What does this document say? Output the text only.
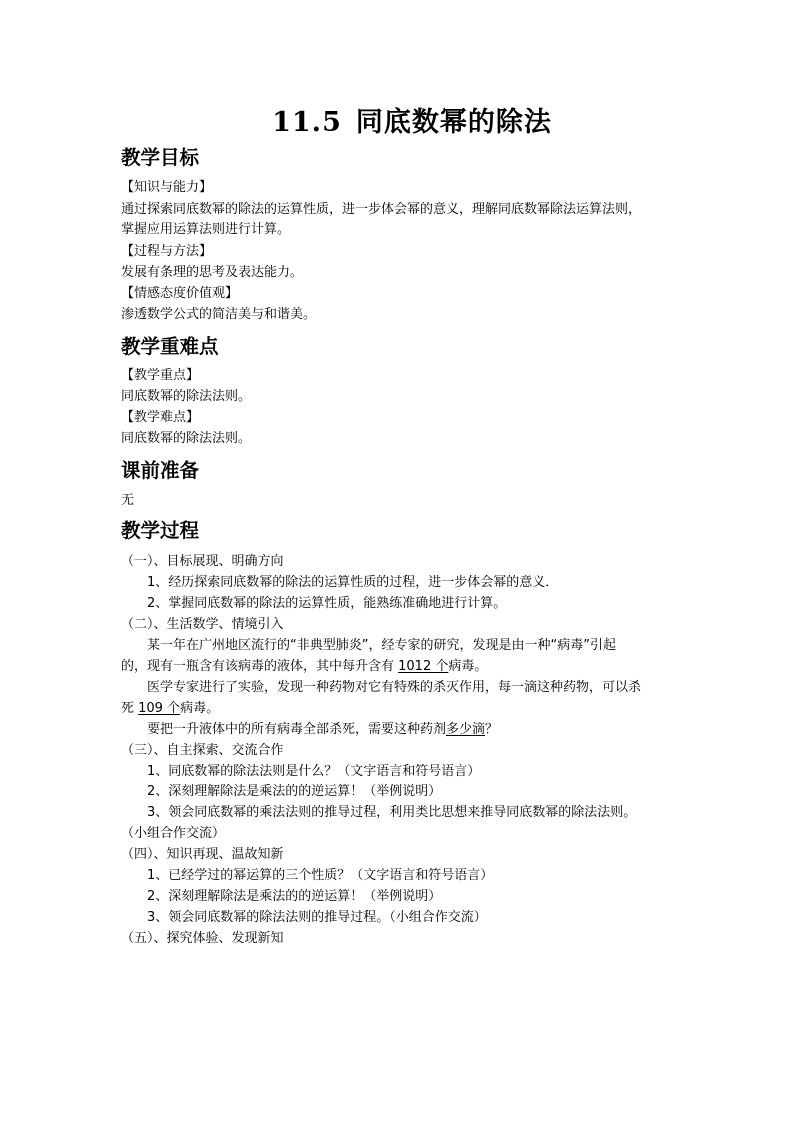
11.5 同底数幂的除法
教学目标
【知识与能力】
通过探索同底数幂的除法的运算性质，进一步体会幂的意义，理解同底数幂除法运算法则，
掌握应用运算法则进行计算。
【过程与方法】
发展有条理的思考及表达能力。
【情感态度价值观】
渗透数学公式的简洁美与和谐美。
教学重难点
【教学重点】
同底数幂的除法法则。
【教学难点】
同底数幂的除法法则。
课前准备
无
教学过程
（一）、目标展现、明确方向
1、经历探索同底数幂的除法的运算性质的过程，进一步体会幂的意义．
2、掌握同底数幂的除法的运算性质，能熟练准确地进行计算。
（二）、生活数学、情境引入
某一年在广州地区流行的“非典型肺炎”，经专家的研究，发现是由一种“病毒”引起
的，现有一瓶含有该病毒的液体，其中每升含有 1012 个病毒。
医学专家进行了实验，发现一种药物对它有特殊的杀灭作用，每一滴这种药物，可以杀
死 109 个病毒。
要把一升液体中的所有病毒全部杀死，需要这种药剂多少滴？
（三）、自主探索、交流合作
1、同底数幂的除法法则是什么？（文字语言和符号语言）
2、深刻理解除法是乘法的的逆运算！（举例说明）
3、领会同底数幂的乘法法则的推导过程，利用类比思想来推导同底数幂的除法法则。
（小组合作交流）
（四）、知识再现、温故知新
1、已经学过的幂运算的三个性质？（文字语言和符号语言）
2、深刻理解除法是乘法的的逆运算！（举例说明）
3、领会同底数幂的除法法则的推导过程。（小组合作交流）
（五）、探究体验、发现新知
